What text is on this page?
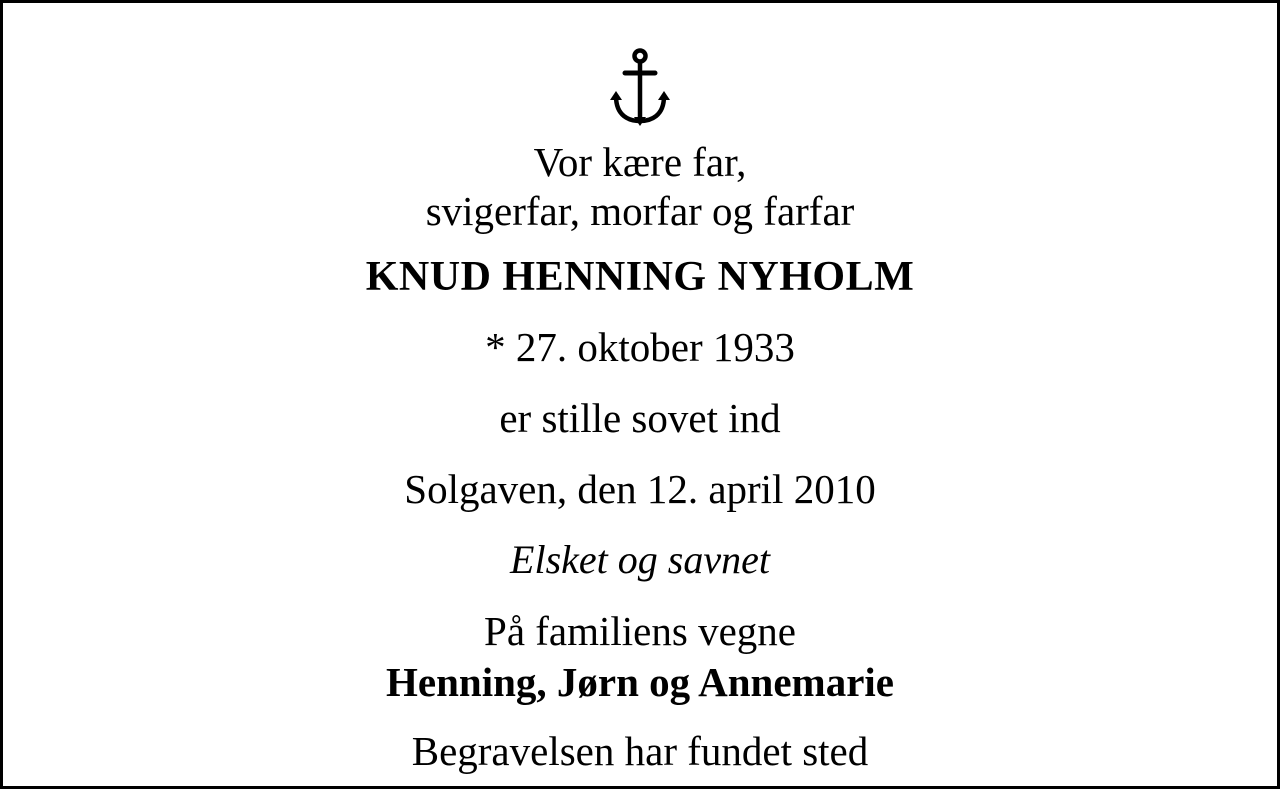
Vor kære far,
svigerfar, morfar og farfar
KNUD HENNING NYHOLM
* 27. oktober 1933
er stille sovet ind
Solgaven, den 12. april 2010
Elsket og savnet
På familiens vegne
Henning, Jørn og Annemarie
Begravelsen har fundet sted
